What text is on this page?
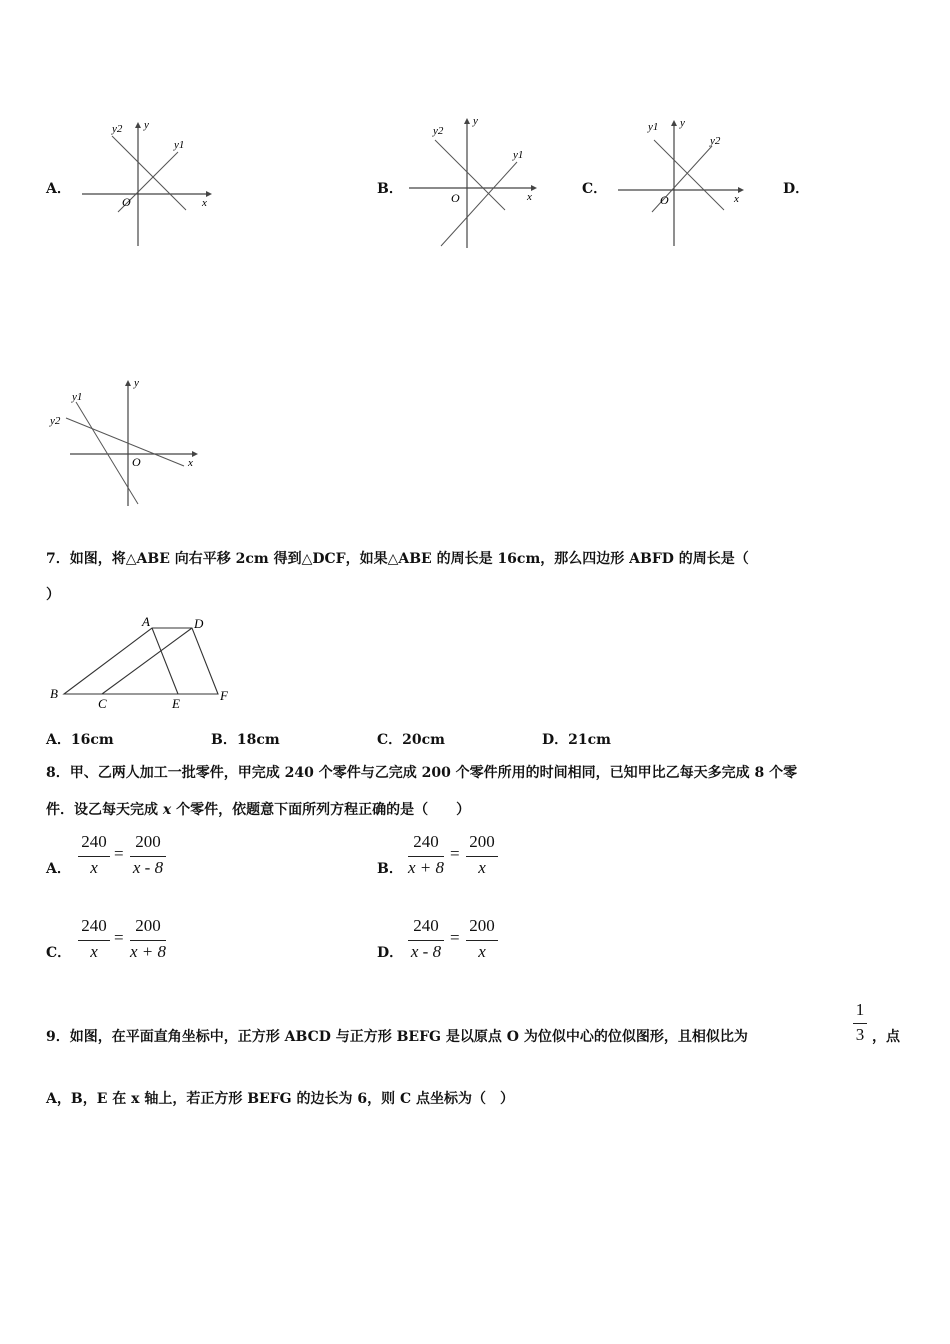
A．
y
x
O
y1
y2
B．
y
x
O
y1
y2
C．
y
x
O
y1
y2
D．
y
x
O
y1
y2
7．如图，将△ABE 向右平移 2cm 得到△DCF，如果△ABE 的周长是 16cm，那么四边形 ABFD 的周长是（
）
A	D
B
C	E
F
A．16cm	B．18cm	C．20cm	D．21cm
8．甲、乙两人加工一批零件，甲完成 240 个零件与乙完成 200 个零件所用的时间相同，已知甲比乙每天多完成 8 个零
件．设乙每天完成 x 个零件，依题意下面所列方程正确的是（　　）
A．
240
x
=
200
x - 8	B．
240
x + 8
=
200
x
C．
240
x
=
200
x + 8	D．
240
x - 8
=
200
x
9．如图，在平面直角坐标中，正方形 ABCD 与正方形 BEFG 是以原点 O 为位似中心的位似图形，且相似比为
1
3 ，点
A，B，E 在 x 轴上，若正方形 BEFG 的边长为 6，则 C 点坐标为（　）
